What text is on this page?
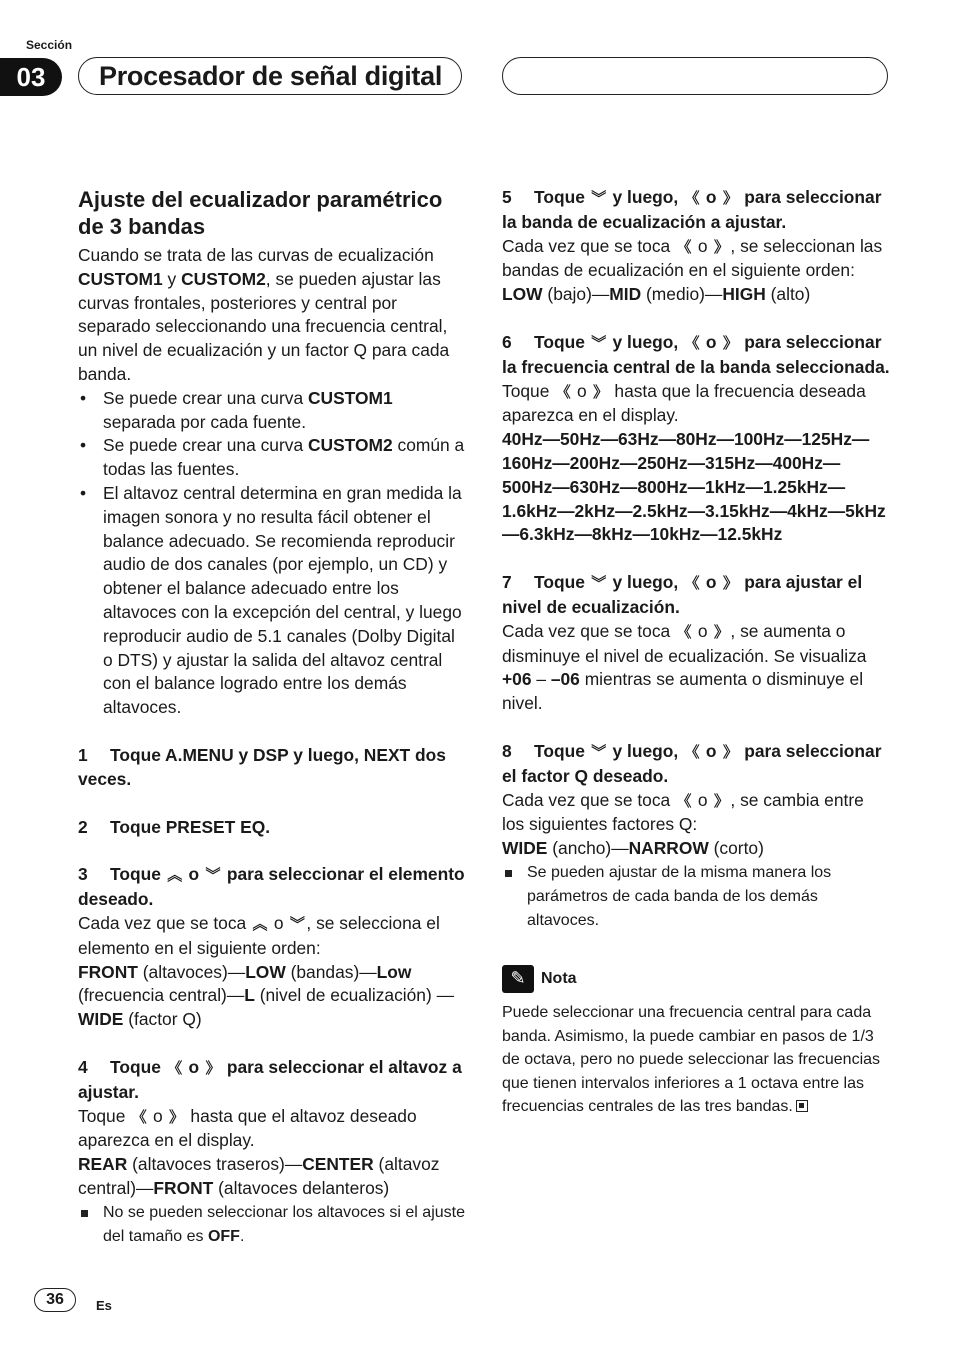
Sección
03	Procesador de señal digital
Ajuste del ecualizador paramétrico de 3 bandas

Cuando se trata de las curvas de ecualización CUSTOM1 y CUSTOM2, se pueden ajustar las curvas frontales, posteriores y central por separado seleccionando una frecuencia central, un nivel de ecualización y un factor Q para cada banda.

• Se puede crear una curva CUSTOM1 separada por cada fuente.
• Se puede crear una curva CUSTOM2 común a todas las fuentes.
• El altavoz central determina en gran medida la imagen sonora y no resulta fácil obtener el balance adecuado. Se recomienda reproducir audio de dos canales (por ejemplo, un CD) y obtener el balance adecuado entre los altavoces con la excepción del central, y luego reproducir audio de 5.1 canales (Dolby Digital o DTS) y ajustar la salida del altavoz central con el balance logrado entre los demás altavoces.

1 Toque A.MENU y DSP y luego, NEXT dos veces.

2 Toque PRESET EQ.

3 Toque ︽ o ︾ para seleccionar el elemento deseado.

Cada vez que se toca ︽ o ︾, se selecciona el elemento en el siguiente orden:

FRONT (altavoces)—LOW (bandas)—Low (frecuencia central)—L (nivel de ecualización) —WIDE (factor Q)

4 Toque 《 o 》 para seleccionar el altavoz a ajustar.

Toque 《 o 》 hasta que el altavoz deseado aparezca en el display.

REAR (altavoces traseros)—CENTER (altavoz central)—FRONT (altavoces delanteros)

No se pueden seleccionar los altavoces si el ajuste del tamaño es OFF.

5 Toque ︾ y luego, 《 o 》 para seleccionar la banda de ecualización a ajustar.

Cada vez que se toca 《 o 》, se seleccionan las bandas de ecualización en el siguiente orden:

LOW (bajo)—MID (medio)—HIGH (alto)

6 Toque ︾ y luego, 《 o 》 para seleccionar la frecuencia central de la banda seleccionada.

Toque 《 o 》 hasta que la frecuencia deseada aparezca en el display.

40Hz—50Hz—63Hz—80Hz—100Hz—125Hz—160Hz—200Hz—250Hz—315Hz—400Hz—500Hz—630Hz—800Hz—1kHz—1.25kHz—1.6kHz—2kHz—2.5kHz—3.15kHz—4kHz—5kHz—6.3kHz—8kHz—10kHz—12.5kHz

7 Toque ︾ y luego, 《 o 》 para ajustar el nivel de ecualización.

Cada vez que se toca 《 o 》, se aumenta o disminuye el nivel de ecualización. Se visualiza +06 – –06 mientras se aumenta o disminuye el nivel.

8 Toque ︾ y luego, 《 o 》 para seleccionar el factor Q deseado.

Cada vez que se toca 《 o 》, se cambia entre los siguientes factores Q:

WIDE (ancho)—NARROW (corto)

Se pueden ajustar de la misma manera los parámetros de cada banda de los demás altavoces.

✎ Nota

Puede seleccionar una frecuencia central para cada banda. Asimismo, la puede cambiar en pasos de 1/3 de octava, pero no puede seleccionar las frecuencias que tienen intervalos inferiores a 1 octava entre las frecuencias centrales de las tres bandas.

36	Es
